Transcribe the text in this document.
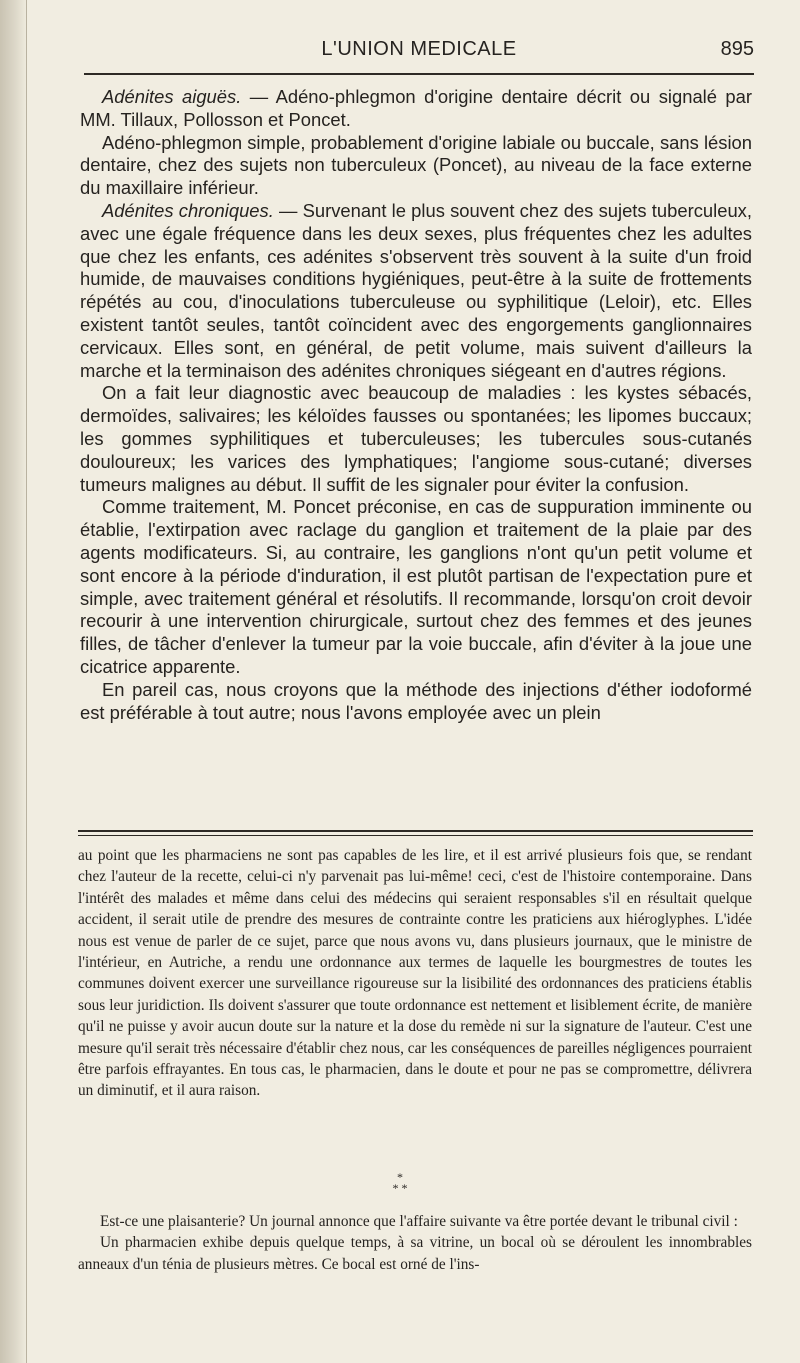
L'UNION MEDICALE	895

Adénites aiguës. — Adéno-phlegmon d'origine dentaire décrit ou signalé par MM. Tillaux, Pollosson et Poncet.

Adéno-phlegmon simple, probablement d'origine labiale ou buccale, sans lésion dentaire, chez des sujets non tuberculeux (Poncet), au niveau de la face externe du maxillaire inférieur.

Adénites chroniques. — Survenant le plus souvent chez des sujets tuberculeux, avec une égale fréquence dans les deux sexes, plus fréquentes chez les adultes que chez les enfants, ces adénites s'observent très souvent à la suite d'un froid humide, de mauvaises conditions hygiéniques, peut-être à la suite de frottements répétés au cou, d'inoculations tuberculeuse ou syphilitique (Leloir), etc. Elles existent tantôt seules, tantôt coïncident avec des engorgements ganglionnaires cervicaux. Elles sont, en général, de petit volume, mais suivent d'ailleurs la marche et la terminaison des adénites chroniques siégeant en d'autres régions.

On a fait leur diagnostic avec beaucoup de maladies : les kystes sébacés, dermoïdes, salivaires; les kéloïdes fausses ou spontanées; les lipomes buccaux; les gommes syphilitiques et tuberculeuses; les tubercules sous-cutanés douloureux; les varices des lymphatiques; l'angiome sous-cutané; diverses tumeurs malignes au début. Il suffit de les signaler pour éviter la confusion.

Comme traitement, M. Poncet préconise, en cas de suppuration imminente ou établie, l'extirpation avec raclage du ganglion et traitement de la plaie par des agents modificateurs. Si, au contraire, les ganglions n'ont qu'un petit volume et sont encore à la période d'induration, il est plutôt partisan de l'expectation pure et simple, avec traitement général et résolutifs. Il recommande, lorsqu'on croit devoir recourir à une intervention chirurgicale, surtout chez des femmes et des jeunes filles, de tâcher d'enlever la tumeur par la voie buccale, afin d'éviter à la joue une cicatrice apparente.

En pareil cas, nous croyons que la méthode des injections d'éther iodoformé est préférable à tout autre; nous l'avons employée avec un plein

au point que les pharmaciens ne sont pas capables de les lire, et il est arrivé plusieurs fois que, se rendant chez l'auteur de la recette, celui-ci n'y parvenait pas lui-même! ceci, c'est de l'histoire contemporaine. Dans l'intérêt des malades et même dans celui des médecins qui seraient responsables s'il en résultait quelque accident, il serait utile de prendre des mesures de contrainte contre les praticiens aux hiéroglyphes. L'idée nous est venue de parler de ce sujet, parce que nous avons vu, dans plusieurs journaux, que le ministre de l'intérieur, en Autriche, a rendu une ordonnance aux termes de laquelle les bourgmestres de toutes les communes doivent exercer une surveillance rigoureuse sur la lisibilité des ordonnances des praticiens établis sous leur juridiction. Ils doivent s'assurer que toute ordonnance est nettement et lisiblement écrite, de manière qu'il ne puisse y avoir aucun doute sur la nature et la dose du remède ni sur la signature de l'auteur. C'est une mesure qu'il serait très nécessaire d'établir chez nous, car les conséquences de pareilles négligences pourraient être parfois effrayantes. En tous cas, le pharmacien, dans le doute et pour ne pas se compromettre, délivrera un diminutif, et il aura raison.

*
* *

Est-ce une plaisanterie? Un journal annonce que l'affaire suivante va être portée devant le tribunal civil :

Un pharmacien exhibe depuis quelque temps, à sa vitrine, un bocal où se déroulent les innombrables anneaux d'un ténia de plusieurs mètres. Ce bocal est orné de l'ins-
